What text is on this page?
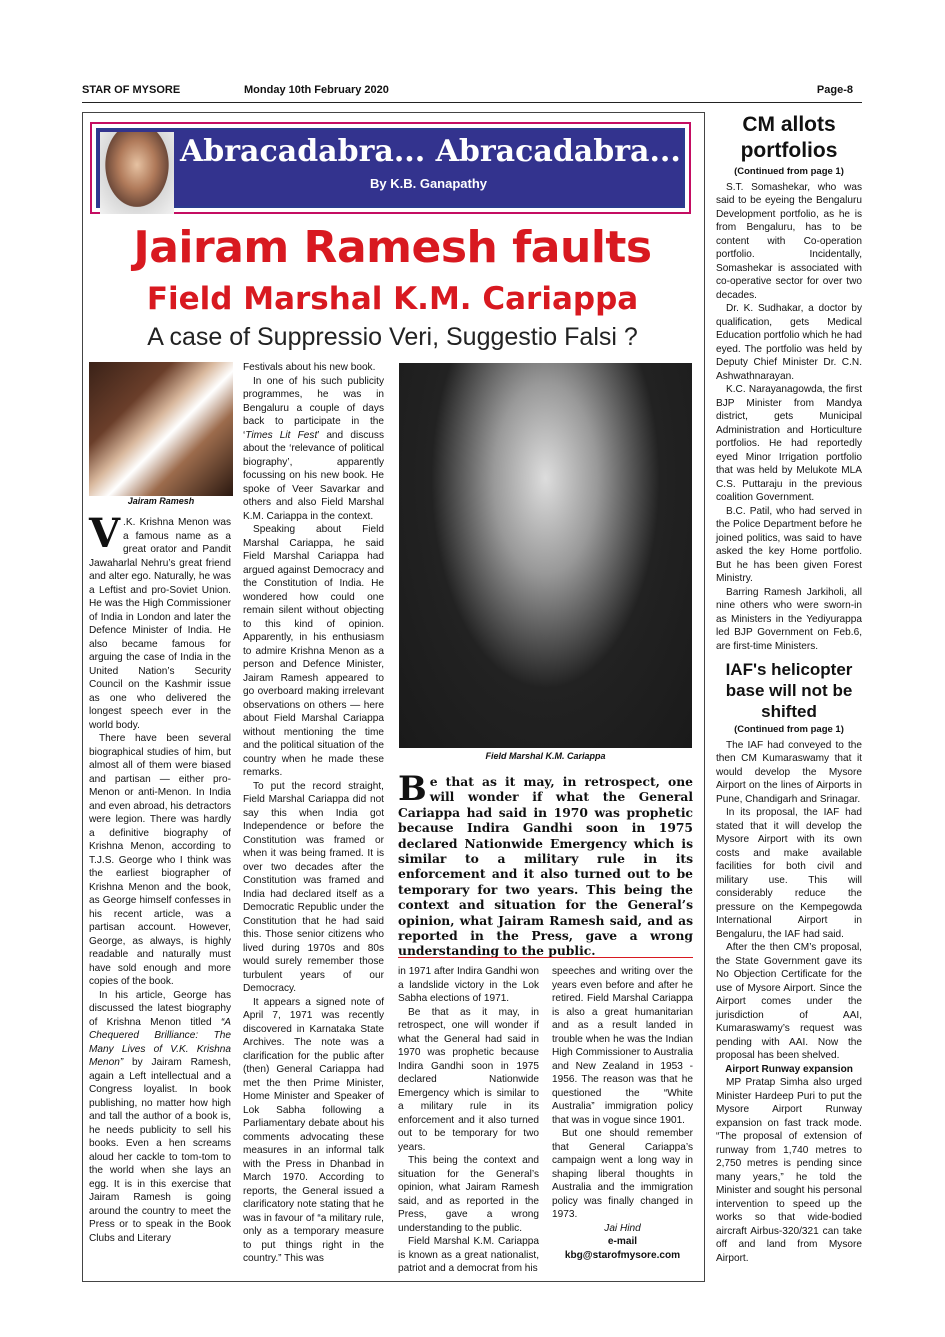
STAR OF MYSORE	Monday 10th February 2020	Page-8
Abracadabra... Abracadabra...
By K.B. Ganapathy
Jairam Ramesh faults
Field Marshal K.M. Cariappa
A case of Suppressio Veri, Suggestio Falsi ?
Jairam Ramesh
Field Marshal K.M. Cariappa

V .K. Krishna Menon was a famous name as a great orator and Pandit Jawaharlal Nehru’s great friend and alter ego. Naturally, he was a Leftist and pro-Soviet Union. He was the High Commissioner of India in London and later the Defence Minister of India. He also became famous for arguing the case of India in the United Nation’s Security Council on the Kashmir issue as one who delivered the longest speech ever in the world body.

There have been several biographical studies of him, but almost all of them were biased and partisan — either pro-Menon or anti-Menon. In India and even abroad, his detractors were legion. There was hardly a definitive biography of Krishna Menon, according to T.J.S. George who I think was the earliest biographer of Krishna Menon and the book, as George himself confesses in his recent article, was a partisan account. However, George, as always, is highly readable and naturally must have sold enough and more copies of the book.

In his article, George has discussed the latest biography of Krishna Menon titled “A Chequered Brilliance: The Many Lives of V.K. Krishna Menon” by Jairam Ramesh, again a Left intellectual and a Congress loyalist. In book publishing, no matter how high and tall the author of a book is, he needs publicity to sell his books. Even a hen screams aloud her cackle to tom-tom to the world when she lays an egg. It is in this exercise that Jairam Ramesh is going around the country to meet the Press or to speak in the Book Clubs and Literary

Festivals about his new book.

In one of his such publicity programmes, he was in Bengaluru a couple of days back to participate in the ‘Times Lit Fest’ and discuss about the ‘relevance of political biography’, apparently focussing on his new book. He spoke of Veer Savarkar and others and also Field Marshal K.M. Cariappa in the context.

Speaking about Field Marshal Cariappa, he said Field Marshal Cariappa had argued against Democracy and the Constitution of India. He wondered how could one remain silent without objecting to this kind of opinion. Apparently, in his enthusiasm to admire Krishna Menon as a person and Defence Minister, Jairam Ramesh appeared to go overboard making irrelevant observations on others — here about Field Marshal Cariappa without mentioning the time and the political situation of the country when he made these remarks.

To put the record straight, Field Marshal Cariappa did not say this when India got Independence or before the Constitution was framed or when it was being framed. It is over two decades after the Constitution was framed and India had declared itself as a Democratic Republic under the Constitution that he had said this. Those senior citizens who lived during 1970s and 80s would surely remember those turbulent years of our Democracy.

It appears a signed note of April 7, 1971 was recently discovered in Karnataka State Archives. The note was a clarification for the public after (then) General Cariappa had met the then Prime Minister, Home Minister and Speaker of Lok Sabha following a Parliamentary debate about his comments advocating these measures in an informal talk with the Press in Dhanbad in March 1970. According to reports, the General issued a clarificatory note stating that he was in favour of “a military rule, only as a temporary measure to put things right in the country.” This was

Be that as it may, in retrospect, one will wonder if what the General Cariappa had said in 1970 was prophetic because Indira Gandhi soon in 1975 declared Nationwide Emergency which is similar to a military rule in its enforcement and it also turned out to be temporary for two years. This being the context and situation for the General’s opinion, what Jairam Ramesh said, and as reported in the Press, gave a wrong understanding to the public.

in 1971 after Indira Gandhi won a landslide victory in the Lok Sabha elections of 1971.

Be that as it may, in retrospect, one will wonder if what the General had said in 1970 was prophetic because Indira Gandhi soon in 1975 declared Nationwide Emergency which is similar to a military rule in its enforcement and it also turned out to be temporary for two years.

This being the context and situation for the General’s opinion, what Jairam Ramesh said, and as reported in the Press, gave a wrong understanding to the public.

Field Marshal K.M. Cariappa is known as a great nationalist, patriot and a democrat from his

speeches and writing over the years even before and after he retired. Field Marshal Cariappa is also a great humanitarian and as a result landed in trouble when he was the Indian High Commissioner to Australia and New Zealand in 1953 - 1956. The reason was that he questioned the “White Australia” immigration policy that was in vogue since 1901.

But one should remember that General Cariappa’s campaign went a long way in shaping liberal thoughts in Australia and the immigration policy was finally changed in 1973.

Jai Hind

e-mail

kbg@starofmysore.com

CM allots portfolios
(Continued from page 1)

S.T. Somashekar, who was said to be eyeing the Bengaluru Development portfolio, as he is from Bengaluru, has to be content with Co-operation portfolio. Incidentally, Somashekar is associated with co-operative sector for over two decades.

Dr. K. Sudhakar, a doctor by qualification, gets Medical Education portfolio which he had eyed. The portfolio was held by Deputy Chief Minister Dr. C.N. Ashwathnarayan.

K.C. Narayanagowda, the first BJP Minister from Mandya district, gets Municipal Administration and Horticulture portfolios. He had reportedly eyed Minor Irrigation portfolio that was held by Melukote MLA C.S. Puttaraju in the previous coalition Government.

B.C. Patil, who had served in the Police Department before he joined politics, was said to have asked the key Home portfolio. But he has been given Forest Ministry.

Barring Ramesh Jarkiholi, all nine others who were sworn-in as Ministers in the Yediyurappa led BJP Government on Feb.6, are first-time Ministers.

IAF's helicopter base will not be shifted
(Continued from page 1)

The IAF had conveyed to the then CM Kumaraswamy that it would develop the Mysore Airport on the lines of Airports in Pune, Chandigarh and Srinagar.

In its proposal, the IAF had stated that it will develop the Mysore Airport with its own costs and make available facilities for both civil and military use. This will considerably reduce the pressure on the Kempegowda International Airport in Bengaluru, the IAF had said.

After the then CM’s proposal, the State Government gave its No Objection Certificate for the use of Mysore Airport. Since the Airport comes under the jurisdiction of AAI, Kumaraswamy’s request was pending with AAI. Now the proposal has been shelved.

Airport Runway expansion

MP Pratap Simha also urged Minister Hardeep Puri to put the Mysore Airport Runway expansion on fast track mode. “The proposal of extension of runway from 1,740 metres to 2,750 metres is pending since many years,” he told the Minister and sought his personal intervention to speed up the works so that wide-bodied aircraft Airbus-320/321 can take off and land from Mysore Airport.
